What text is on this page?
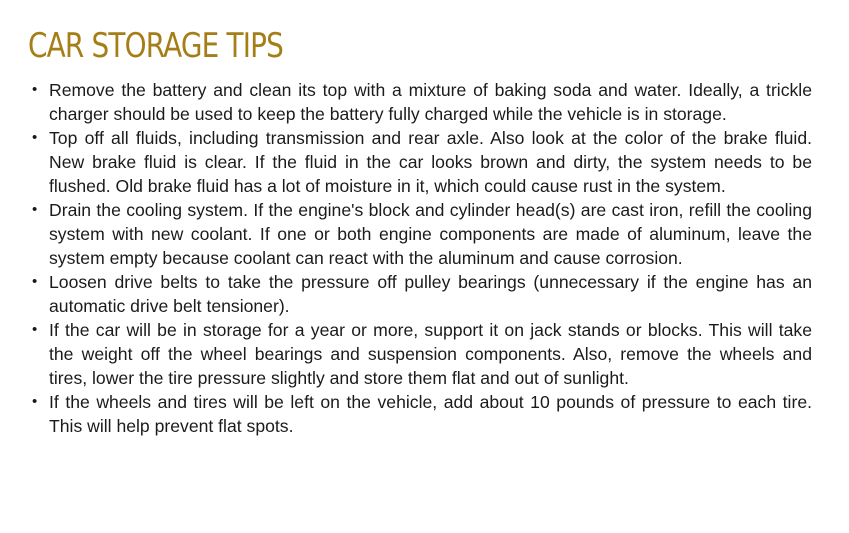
CAR STORAGE TIPS
• Remove the battery and clean its top with a mixture of baking soda and water. Ideally, a trickle charger should be used to keep the battery fully charged while the vehicle is in storage.
• Top off all fluids, including transmission and rear axle. Also look at the color of the brake fluid. New brake fluid is clear. If the fluid in the car looks brown and dirty, the system needs to be flushed. Old brake fluid has a lot of moisture in it, which could cause rust in the system.
• Drain the cooling system. If the engine's block and cylinder head(s) are cast iron, refill the cooling system with new coolant. If one or both engine components are made of aluminum, leave the system empty because coolant can react with the aluminum and cause corrosion.
• Loosen drive belts to take the pressure off pulley bearings (unnecessary if the engine has an automatic drive belt tensioner).
• If the car will be in storage for a year or more, support it on jack stands or blocks. This will take the weight off the wheel bearings and suspension components. Also, remove the wheels and tires, lower the tire pressure slightly and store them flat and out of sunlight.
• If the wheels and tires will be left on the vehicle, add about 10 pounds of pressure to each tire. This will help prevent flat spots.
